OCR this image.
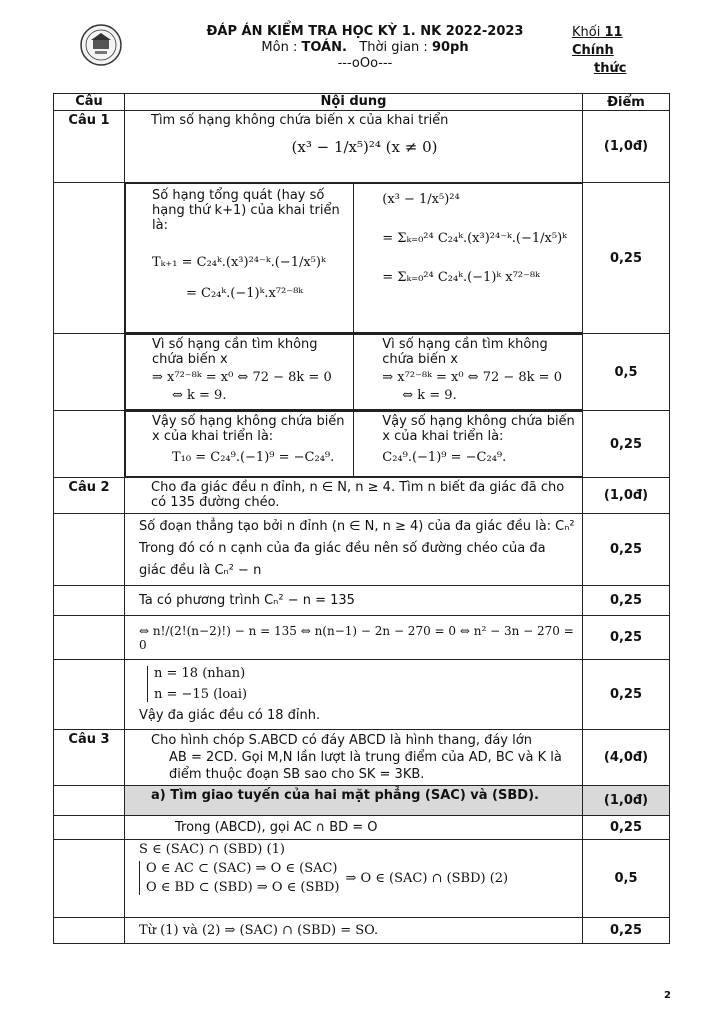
ĐÁP ÁN KIỂM TRA HỌC KỲ 1. NK 2022-2023
Môn : TOÁN. Thời gian : 90ph
---oOo---
Khối 11
Chính
thức
Câu	Nội dung	Điểm
Câu 1	Tìm số hạng không chứa biến x của khai triển
(x³ − 1/x⁵)²⁴ (x ≠ 0)	(1,0đ)

Số hạng tổng quát (hay số hạng thứ k+1) của khai triển là:
Tₖ₊₁ = C₂₄ᵏ.(x³)²⁴⁻ᵏ.(−1/x⁵)ᵏ
= C₂₄ᵏ.(−1)ᵏ.x⁷²⁻⁸ᵏ

(x³ − 1/x⁵)²⁴
= Σₖ₌₀²⁴ C₂₄ᵏ.(x³)²⁴⁻ᵏ.(−1/x⁵)ᵏ
= Σₖ₌₀²⁴ C₂₄ᵏ.(−1)ᵏ x⁷²⁻⁸ᵏ
	0,25

Vì số hạng cần tìm không chứa biến x
⇒ x⁷²⁻⁸ᵏ = x⁰ ⇔ 72 − 8k = 0
⇔ k = 9.

Vì số hạng cần tìm không chứa biến x
⇒ x⁷²⁻⁸ᵏ = x⁰ ⇔ 72 − 8k = 0
⇔ k = 9.
	0,5

Vậy số hạng không chứa biến x của khai triển là:
T₁₀ = C₂₄⁹.(−1)⁹ = −C₂₄⁹.

Vậy số hạng không chứa biến x của khai triển là:
C₂₄⁹.(−1)⁹ = −C₂₄⁹.
	0,25
Câu 2	Cho đa giác đều n đỉnh, n ∈ N, n ≥ 4. Tìm n biết đa giác đã cho có 135 đường chéo.	(1,0đ)

Số đoạn thẳng tạo bởi n đỉnh (n ∈ N, n ≥ 4) của đa giác đều là: Cₙ²
Trong đó có n cạnh của đa giác đều nên số đường chéo của đa
giác đều là Cₙ² − n
	0,25
	Ta có phương trình Cₙ² − n = 135	0,25
	⇔ n!/(2!(n−2)!) − n = 135 ⇔ n(n−1) − 2n − 270 = 0 ⇔ n² − 3n − 270 = 0	0,25

n = 18 (nhan)
n = −15 (loai)
Vậy đa giác đều có 18 đỉnh.
	0,25
Câu 3	Cho hình chóp S.ABCD có đáy ABCD là hình thang, đáy lớn
AB = 2CD. Gọi M,N lần lượt là trung điểm của AD, BC và K là
điểm thuộc đoạn SB sao cho SK = 3KB.
	(4,0đ)
	a) Tìm giao tuyến của hai mặt phẳng (SAC) và (SBD).	(1,0đ)
	Trong (ABCD), gọi AC ∩ BD = O	0,25

S ∈ (SAC) ∩ (SBD) (1)
O ∈ AC ⊂ (SAC) ⇒ O ∈ (SAC)
O ∈ BD ⊂ (SBD) ⇒ O ∈ (SBD)
⇒ O ∈ (SAC) ∩ (SBD) (2)	0,5
	Từ (1) và (2) ⇒ (SAC) ∩ (SBD) = SO.	0,25
2
